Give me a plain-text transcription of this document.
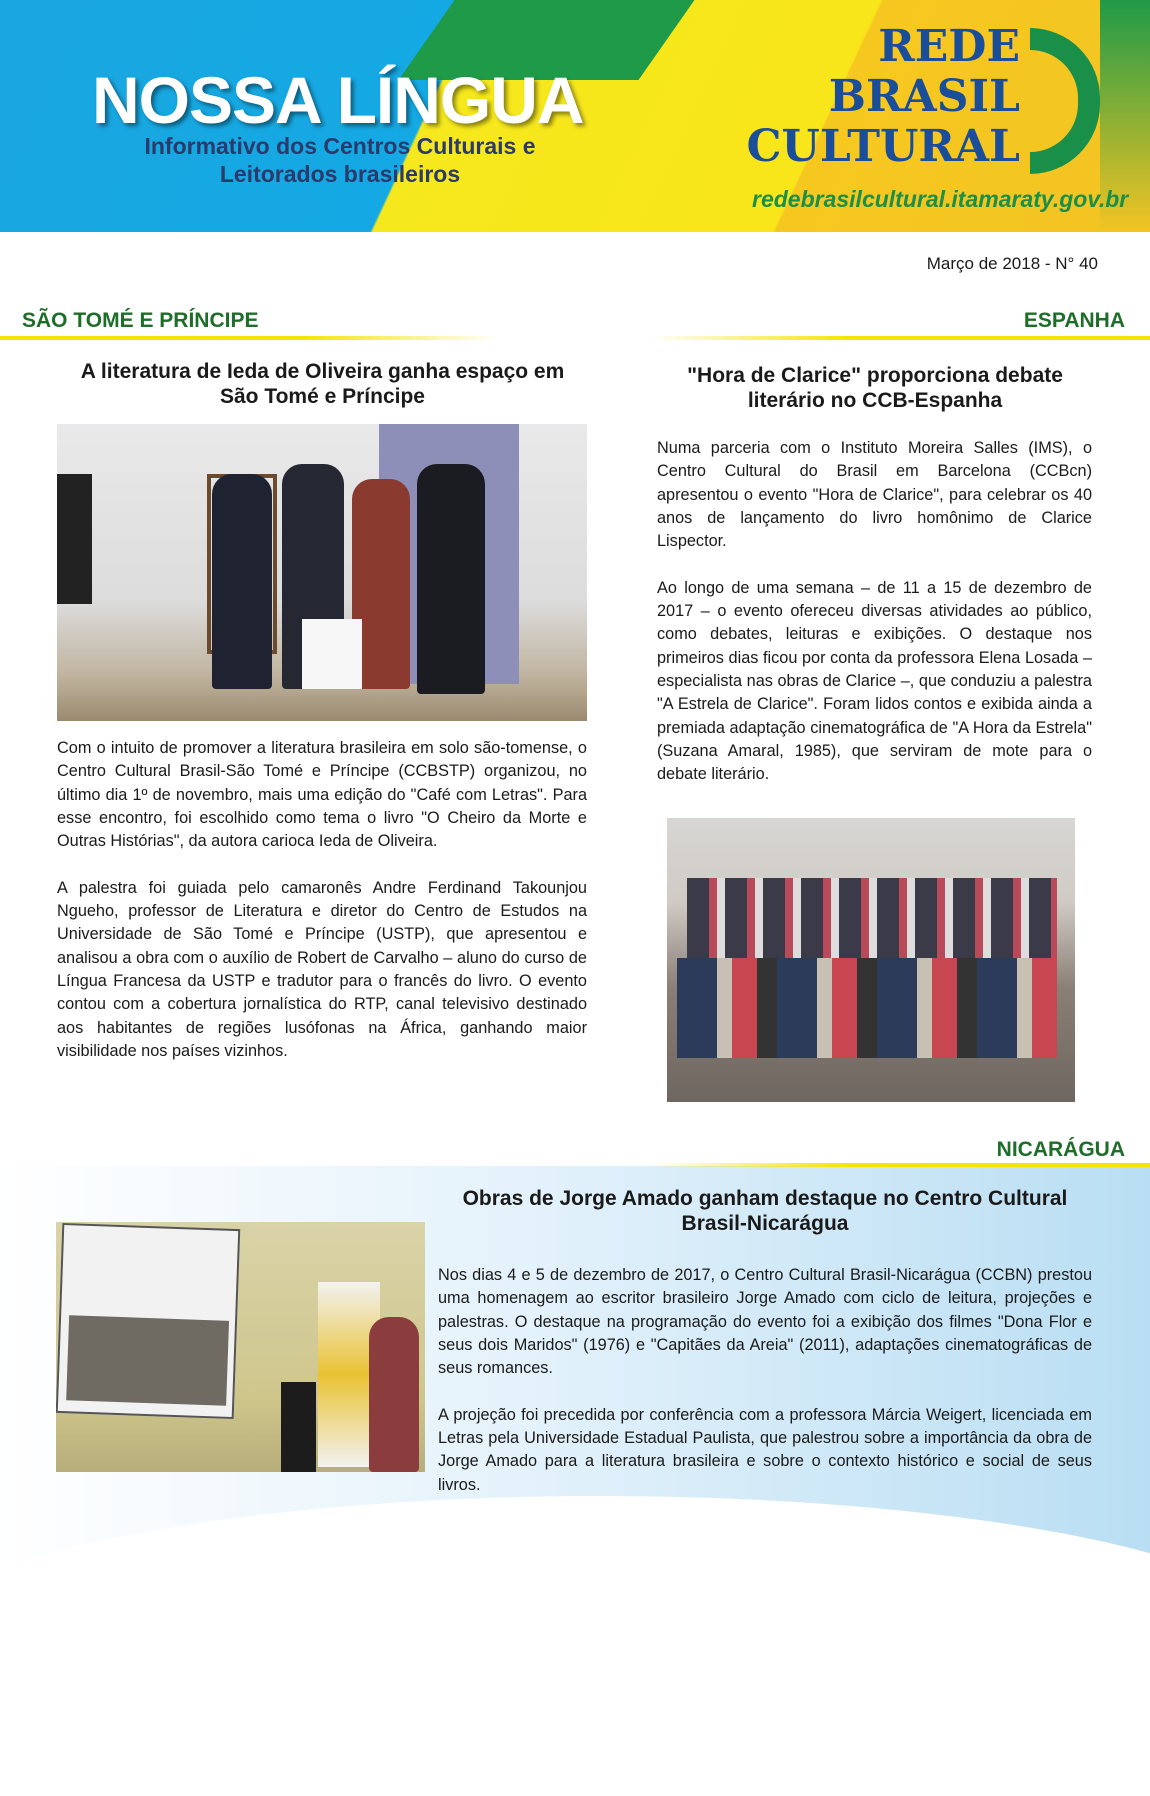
NOSSA LÍNGUA
Informativo dos Centros Culturais e
Leitorados brasileiros
REDE
BRASIL
CULTURAL
redebrasilcultural.itamaraty.gov.br
Março de 2018 - N° 40
SÃO TOMÉ E PRÍNCIPE
A literatura de Ieda de Oliveira ganha espaço em São Tomé e Príncipe

Com o intuito de promover a literatura brasileira em solo são-tomense, o Centro Cultural Brasil-São Tomé e Príncipe (CCBSTP) organizou, no último dia 1º de novembro, mais uma edição do "Café com Letras". Para esse encontro, foi escolhido como tema o livro "O Cheiro da Morte e Outras Histórias", da autora carioca Ieda de Oliveira.

A palestra foi guiada pelo camaronês Andre Ferdinand Takounjou Ngueho, professor de Literatura e diretor do Centro de Estudos na Universidade de São Tomé e Príncipe (USTP), que apresentou e analisou a obra com o auxílio de Robert de Carvalho – aluno do curso de Língua Francesa da USTP e tradutor para o francês do livro. O evento contou com a cobertura jornalística do RTP, canal televisivo destinado aos habitantes de regiões lusófonas na África, ganhando maior visibilidade nos países vizinhos.

ESPANHA
"Hora de Clarice" proporciona debate literário no CCB-Espanha

Numa parceria com o Instituto Moreira Salles (IMS), o Centro Cultural do Brasil em Barcelona (CCBcn) apresentou o evento "Hora de Clarice", para celebrar os 40 anos de lançamento do livro homônimo de Clarice Lispector.

Ao longo de uma semana – de 11 a 15 de dezembro de 2017 – o evento ofereceu diversas atividades ao público, como debates, leituras e exibições. O destaque nos primeiros dias ficou por conta da professora Elena Losada – especialista nas obras de Clarice –, que conduziu a palestra "A Estrela de Clarice". Foram lidos contos e exibida ainda a premiada adaptação cinematográfica de "A Hora da Estrela" (Suzana Amaral, 1985), que serviram de mote para o debate literário.

NICARÁGUA
Obras de Jorge Amado ganham destaque no Centro Cultural Brasil-Nicarágua

Nos dias 4 e 5 de dezembro de 2017, o Centro Cultural Brasil-Nicarágua (CCBN) prestou uma homenagem ao escritor brasileiro Jorge Amado com ciclo de leitura, projeções e palestras. O destaque na programação do evento foi a exibição dos filmes "Dona Flor e seus dois Maridos" (1976) e "Capitães da Areia" (2011), adaptações cinematográficas de seus romances.

A projeção foi precedida por conferência com a professora Márcia Weigert, licenciada em Letras pela Universidade Estadual Paulista, que palestrou sobre a importância da obra de Jorge Amado para a literatura brasileira e sobre o contexto histórico e social de seus livros.
